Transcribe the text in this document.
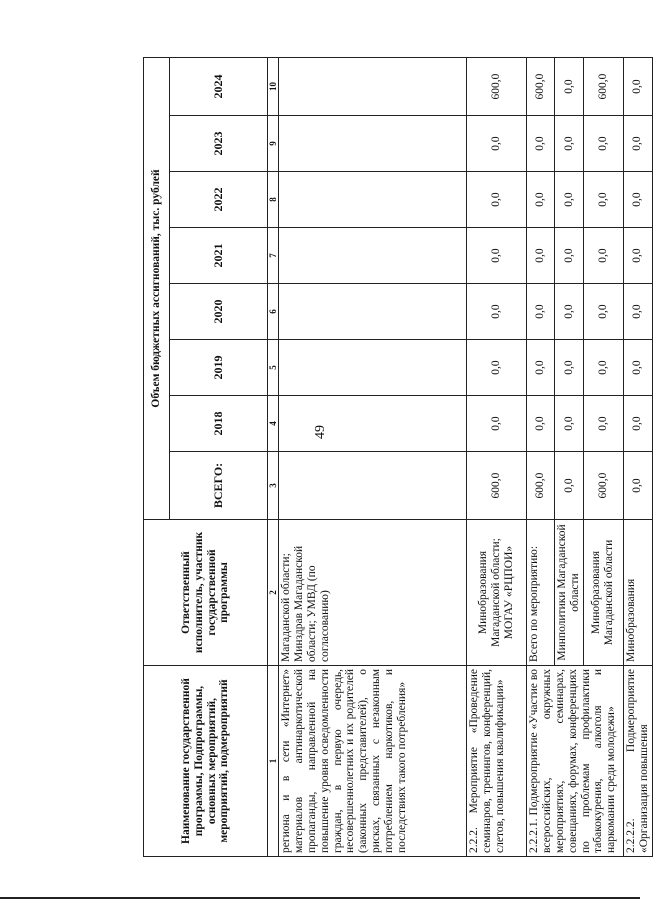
49
Наименование государственной программы, Подпрограммы, основных мероприятий, мероприятий, подмероприятий	Ответственный исполнитель, участник государственной программы	Объем бюджетных ассигнований, тыс. рублей							
		ВСЕГО:	2018	2019	2020	2021	2022	2023	2024
1	2	3	4	5	6	7	8	9	10
региона и в сети «Интернет» материалов антинаркотической пропаганды, направленной на повышение уровня осведомленности граждан, в первую очередь, несовершеннолетних и их родителей (законных представителей), о рисках, связанных с незаконным потреблением наркотиков, и последствиях такого потребления»	Магаданской области; Минздрав Магаданской области; УМВД (по согласованию)								
2.2.2. Мероприятие «Проведение семинаров, тренингов, конференций, слетов, повышения квалификации»	Минобразования Магаданской области; МОГАУ «РЦПОИ»	600,0	0,0	0,0	0,0	0,0	0,0	0,0	600,0
2.2.2.1. Подмероприятие «Участие во всероссийских, окружных мероприятиях, семинарах, совещаниях, форумах, конференциях по проблемам профилактики табакокурения, алкоголя и наркомании среди молодежи»	Всего по мероприятию:	600,0	0,0	0,0	0,0	0,0	0,0	0,0	600,0
	Минполитики Магаданской области	0,0	0,0	0,0	0,0	0,0	0,0	0,0	0,0
	Минобразования Магаданской области	600,0	0,0	0,0	0,0	0,0	0,0	0,0	600,0
2.2.2.2. Подмероприятие «Организация повышения	Минобразования	0,0	0,0	0,0	0,0	0,0	0,0	0,0	0,0
